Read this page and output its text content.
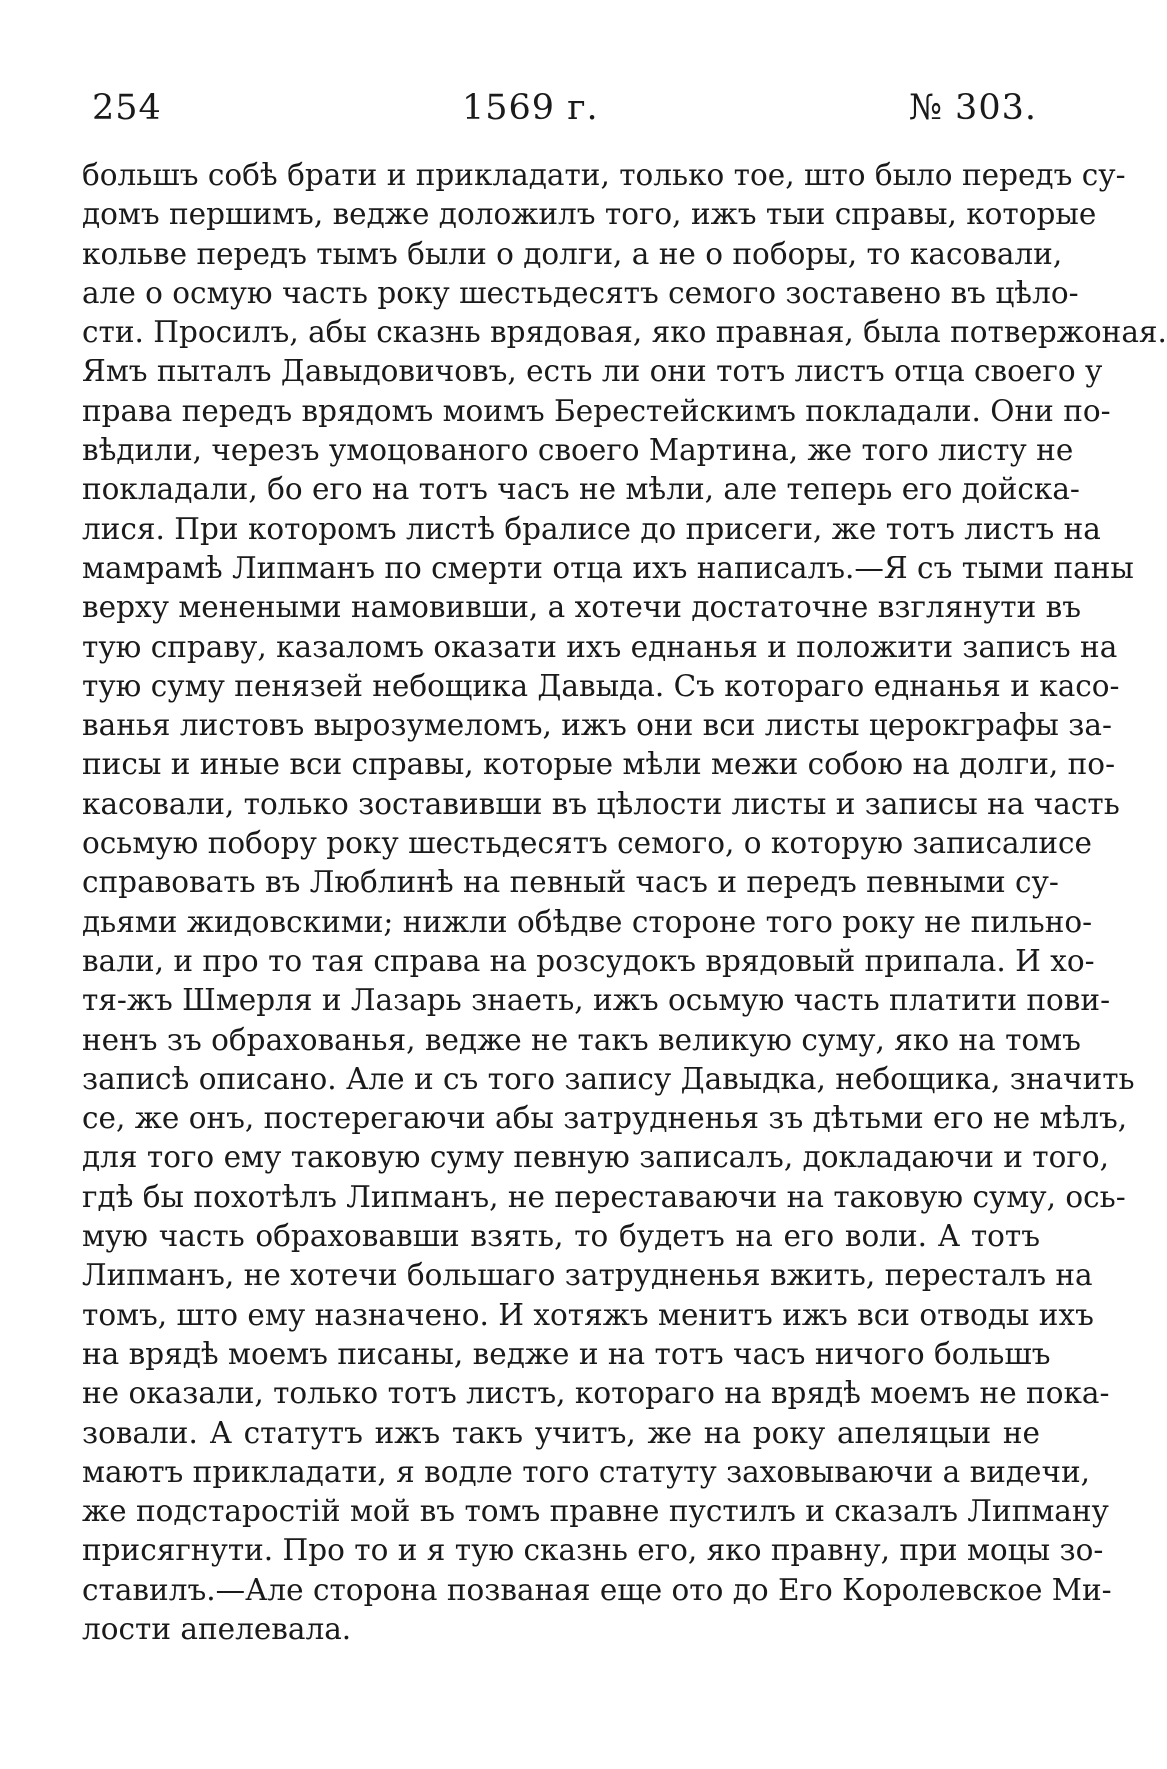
254	1569 г.	№ 303.
большъ собѣ брати и прикладати, только тое, што было передъ су-
домъ першимъ, ведже доложилъ того, ижъ тыи справы, которые
кольве передъ тымъ были о долги, а не о поборы, то касовали,
але о осмую часть року шестьдесятъ семого зоставено въ цѣло-
сти. Просилъ, абы сказнь врядовая, яко правная, была потвержоная.
Ямъ пыталъ Давыдовичовъ, есть ли они тотъ листъ отца своего у
права передъ врядомъ моимъ Берестейскимъ покладали. Они по-
вѣдили, черезъ умоцованого своего Мартина, же того листу не
покладали, бо его на тотъ часъ не мѣли, але теперь его дойска-
лися. При которомъ листѣ бралисе до присеги, же тотъ листъ на
мамрамѣ Липманъ по смерти отца ихъ написалъ.—Я съ тыми паны
верху менеными намовивши, а хотечи достаточне взглянути въ
тую справу, казаломъ оказати ихъ еднанья и положити записъ на
тую суму пенязей небощика Давыда. Съ котораго еднанья и касо-
ванья листовъ вырозумеломъ, ижъ они вси листы церокграфы за-
писы и иные вси справы, которые мѣли межи собою на долги, по-
касовали, только зоставивши въ цѣлости листы и записы на часть
осьмую побору року шестьдесятъ семого, о которую записалисе
справовать въ Люблинѣ на певный часъ и передъ певными су-
дьями жидовскими; нижли обѣдве стороне того року не пильно-
вали, и про то тая справа на розсудокъ врядовый припала. И хо-
тя-жъ Шмерля и Лазарь знаеть, ижъ осьмую часть платити пови-
ненъ зъ обрахованья, ведже не такъ великую суму, яко на томъ
записѣ описано. Але и съ того запису Давыдка, небощика, значить
се, же онъ, постерегаючи абы затрудненья зъ дѣтьми его не мѣлъ,
для того ему таковую суму певную записалъ, докладаючи и того,
гдѣ бы похотѣлъ Липманъ, не переставаючи на таковую суму, ось-
мую часть обраховавши взять, то будетъ на его воли. А тотъ
Липманъ, не хотечи большаго затрудненья вжить, пересталъ на
томъ, што ему назначено. И хотяжъ менитъ ижъ вси отводы ихъ
на врядѣ моемъ писаны, ведже и на тотъ часъ ничого большъ
не оказали, только тотъ листъ, котораго на врядѣ моемъ не пока-
зовали. А статутъ ижъ такъ учитъ, же на року апеляцыи не
маютъ прикладати, я водле того статуту заховываючи а видечи,
же подстаростій мой въ томъ правне пустилъ и сказалъ Липману
присягнути. Про то и я тую сказнь его, яко правну, при моцы зо-
ставилъ.—Але сторона позваная еще ото до Его Королевское Ми-
лости апелевала.
